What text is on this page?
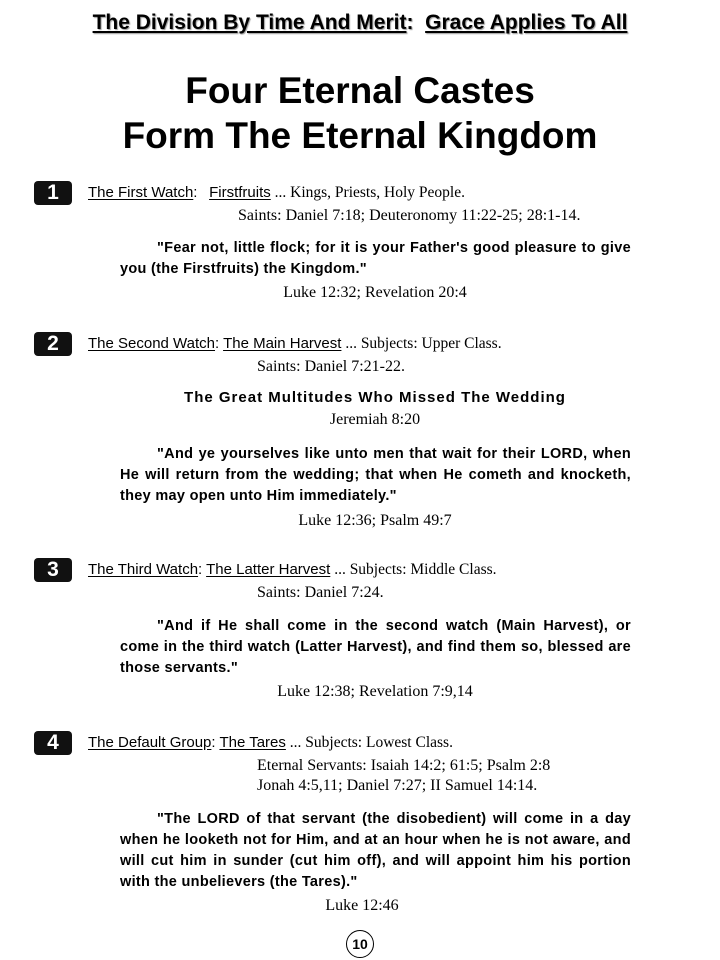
The Division By Time And Merit: Grace Applies To All
Four Eternal Castes
Form The Eternal Kingdom
1	The First Watch: Firstfruits ... Kings, Priests, Holy People.
Saints: Daniel 7:18; Deuteronomy 11:22-25; 28:1-14.
"Fear not, little flock; for it is your Father's good pleasure to give you (the Firstfruits) the Kingdom."
Luke 12:32; Revelation 20:4
2	The Second Watch: The Main Harvest ... Subjects: Upper Class.
Saints: Daniel 7:21-22.
The Great Multitudes Who Missed The Wedding
Jeremiah 8:20
"And ye yourselves like unto men that wait for their LORD, when He will return from the wedding; that when He cometh and knocketh, they may open unto Him immediately."
Luke 12:36; Psalm 49:7
3	The Third Watch: The Latter Harvest ... Subjects: Middle Class.
Saints: Daniel 7:24.
"And if He shall come in the second watch (Main Harvest), or come in the third watch (Latter Harvest), and find them so, blessed are those servants."
Luke 12:38; Revelation 7:9,14
4	The Default Group: The Tares ... Subjects: Lowest Class.
Eternal Servants: Isaiah 14:2; 61:5; Psalm 2:8
Jonah 4:5,11; Daniel 7:27; II Samuel 14:14.
"The LORD of that servant (the disobedient) will come in a day when he looketh not for Him, and at an hour when he is not aware, and will cut him in sunder (cut him off), and will appoint him his portion with the unbelievers (the Tares)."
Luke 12:46
10
